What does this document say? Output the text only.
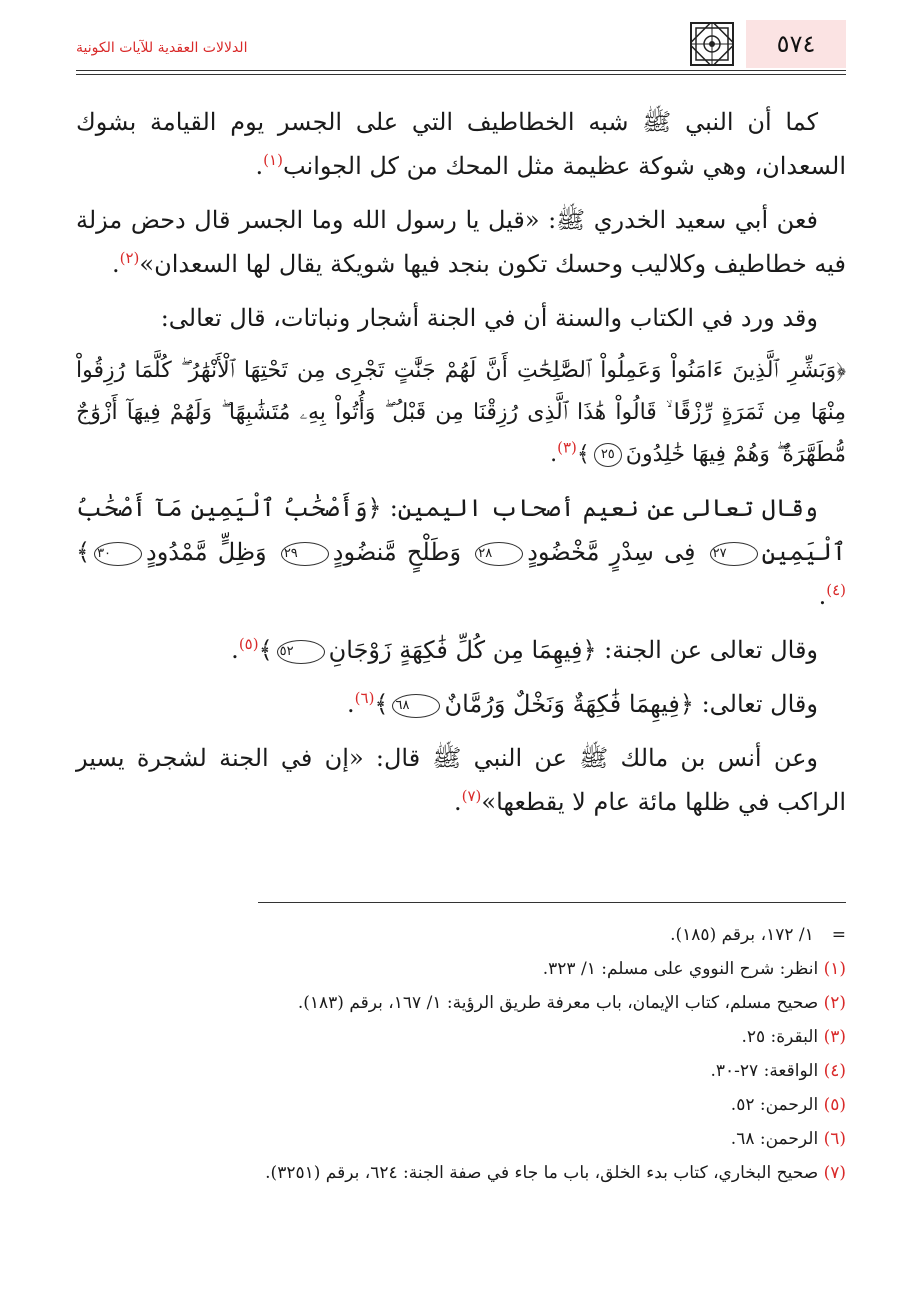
٥٧٤
الدلالات العقدية للآيات الكونية

كما أن النبي ﷺ شبه الخطاطيف التي على الجسر يوم القيامة بشوك السعدان، وهي شوكة عظيمة مثل المحك من كل الجوانب$^{(١)}$.

فعن أبي سعيد الخدري ﷺ: «قيل يا رسول الله وما الجسر قال دحض مزلة فيه خطاطيف وكلاليب وحسك تكون بنجد فيها شويكة يقال لها السعدان»$^{(٢)}$.

وقد ورد في الكتاب والسنة أن في الجنة أشجار ونباتات، قال تعالى:

﴿وَبَشِّرِ ٱلَّذِينَ ءَامَنُواْ وَعَمِلُواْ ٱلصَّٰلِحَٰتِ أَنَّ لَهُمْ جَنَّٰتٍ تَجْرِى مِن تَحْتِهَا ٱلْأَنْهَٰرُ ۖ كُلَّمَا رُزِقُواْ مِنْهَا مِن ثَمَرَةٍ رِّزْقًا ۙ قَالُواْ هَٰذَا ٱلَّذِى رُزِقْنَا مِن قَبْلُ ۖ وَأُتُواْ بِهِۦ مُتَشَٰبِهًا ۖ وَلَهُمْ فِيهَآ أَزْوَٰجٌ مُّطَهَّرَةٌ ۖ وَهُمْ فِيهَا خَٰلِدُونَ٢٥﴾$^{(٣)}$.

وقال تعالى عن نعيم أصحاب اليمين: ﴿وَأَصْحَٰبُ ٱلْيَمِينِ مَآ أَصْحَٰبُ ٱلْيَمِينِ٢٧ فِى سِدْرٍ مَّخْضُودٍ٢٨ وَطَلْحٍ مَّنضُودٍ٢٩ وَظِلٍّ مَّمْدُودٍ٣٠﴾$^{(٤)}$.

وقال تعالى عن الجنة: ﴿فِيهِمَا مِن كُلِّ فَٰكِهَةٍ زَوْجَانِ٥٢﴾$^{(٥)}$.

وقال تعالى: ﴿فِيهِمَا فَٰكِهَةٌ وَنَخْلٌ وَرُمَّانٌ٦٨﴾$^{(٦)}$.

وعن أنس بن مالك ﷺ عن النبي ﷺ قال: «إن في الجنة لشجرة يسير الراكب في ظلها مائة عام لا يقطعها»$^{(٧)}$.

=١/ ١٧٢، برقم (١٨٥).
(١) انظر: شرح النووي على مسلم: ١/ ٣٢٣.
(٢) صحيح مسلم، كتاب الإيمان، باب معرفة طريق الرؤية: ١/ ١٦٧، برقم (١٨٣).
(٣) البقرة: ٢٥.
(٤) الواقعة: ٢٧-٣٠.
(٥) الرحمن: ٥٢.
(٦) الرحمن: ٦٨.
(٧) صحيح البخاري، كتاب بدء الخلق، باب ما جاء في صفة الجنة: ٦٢٤، برقم (٣٢٥١).
